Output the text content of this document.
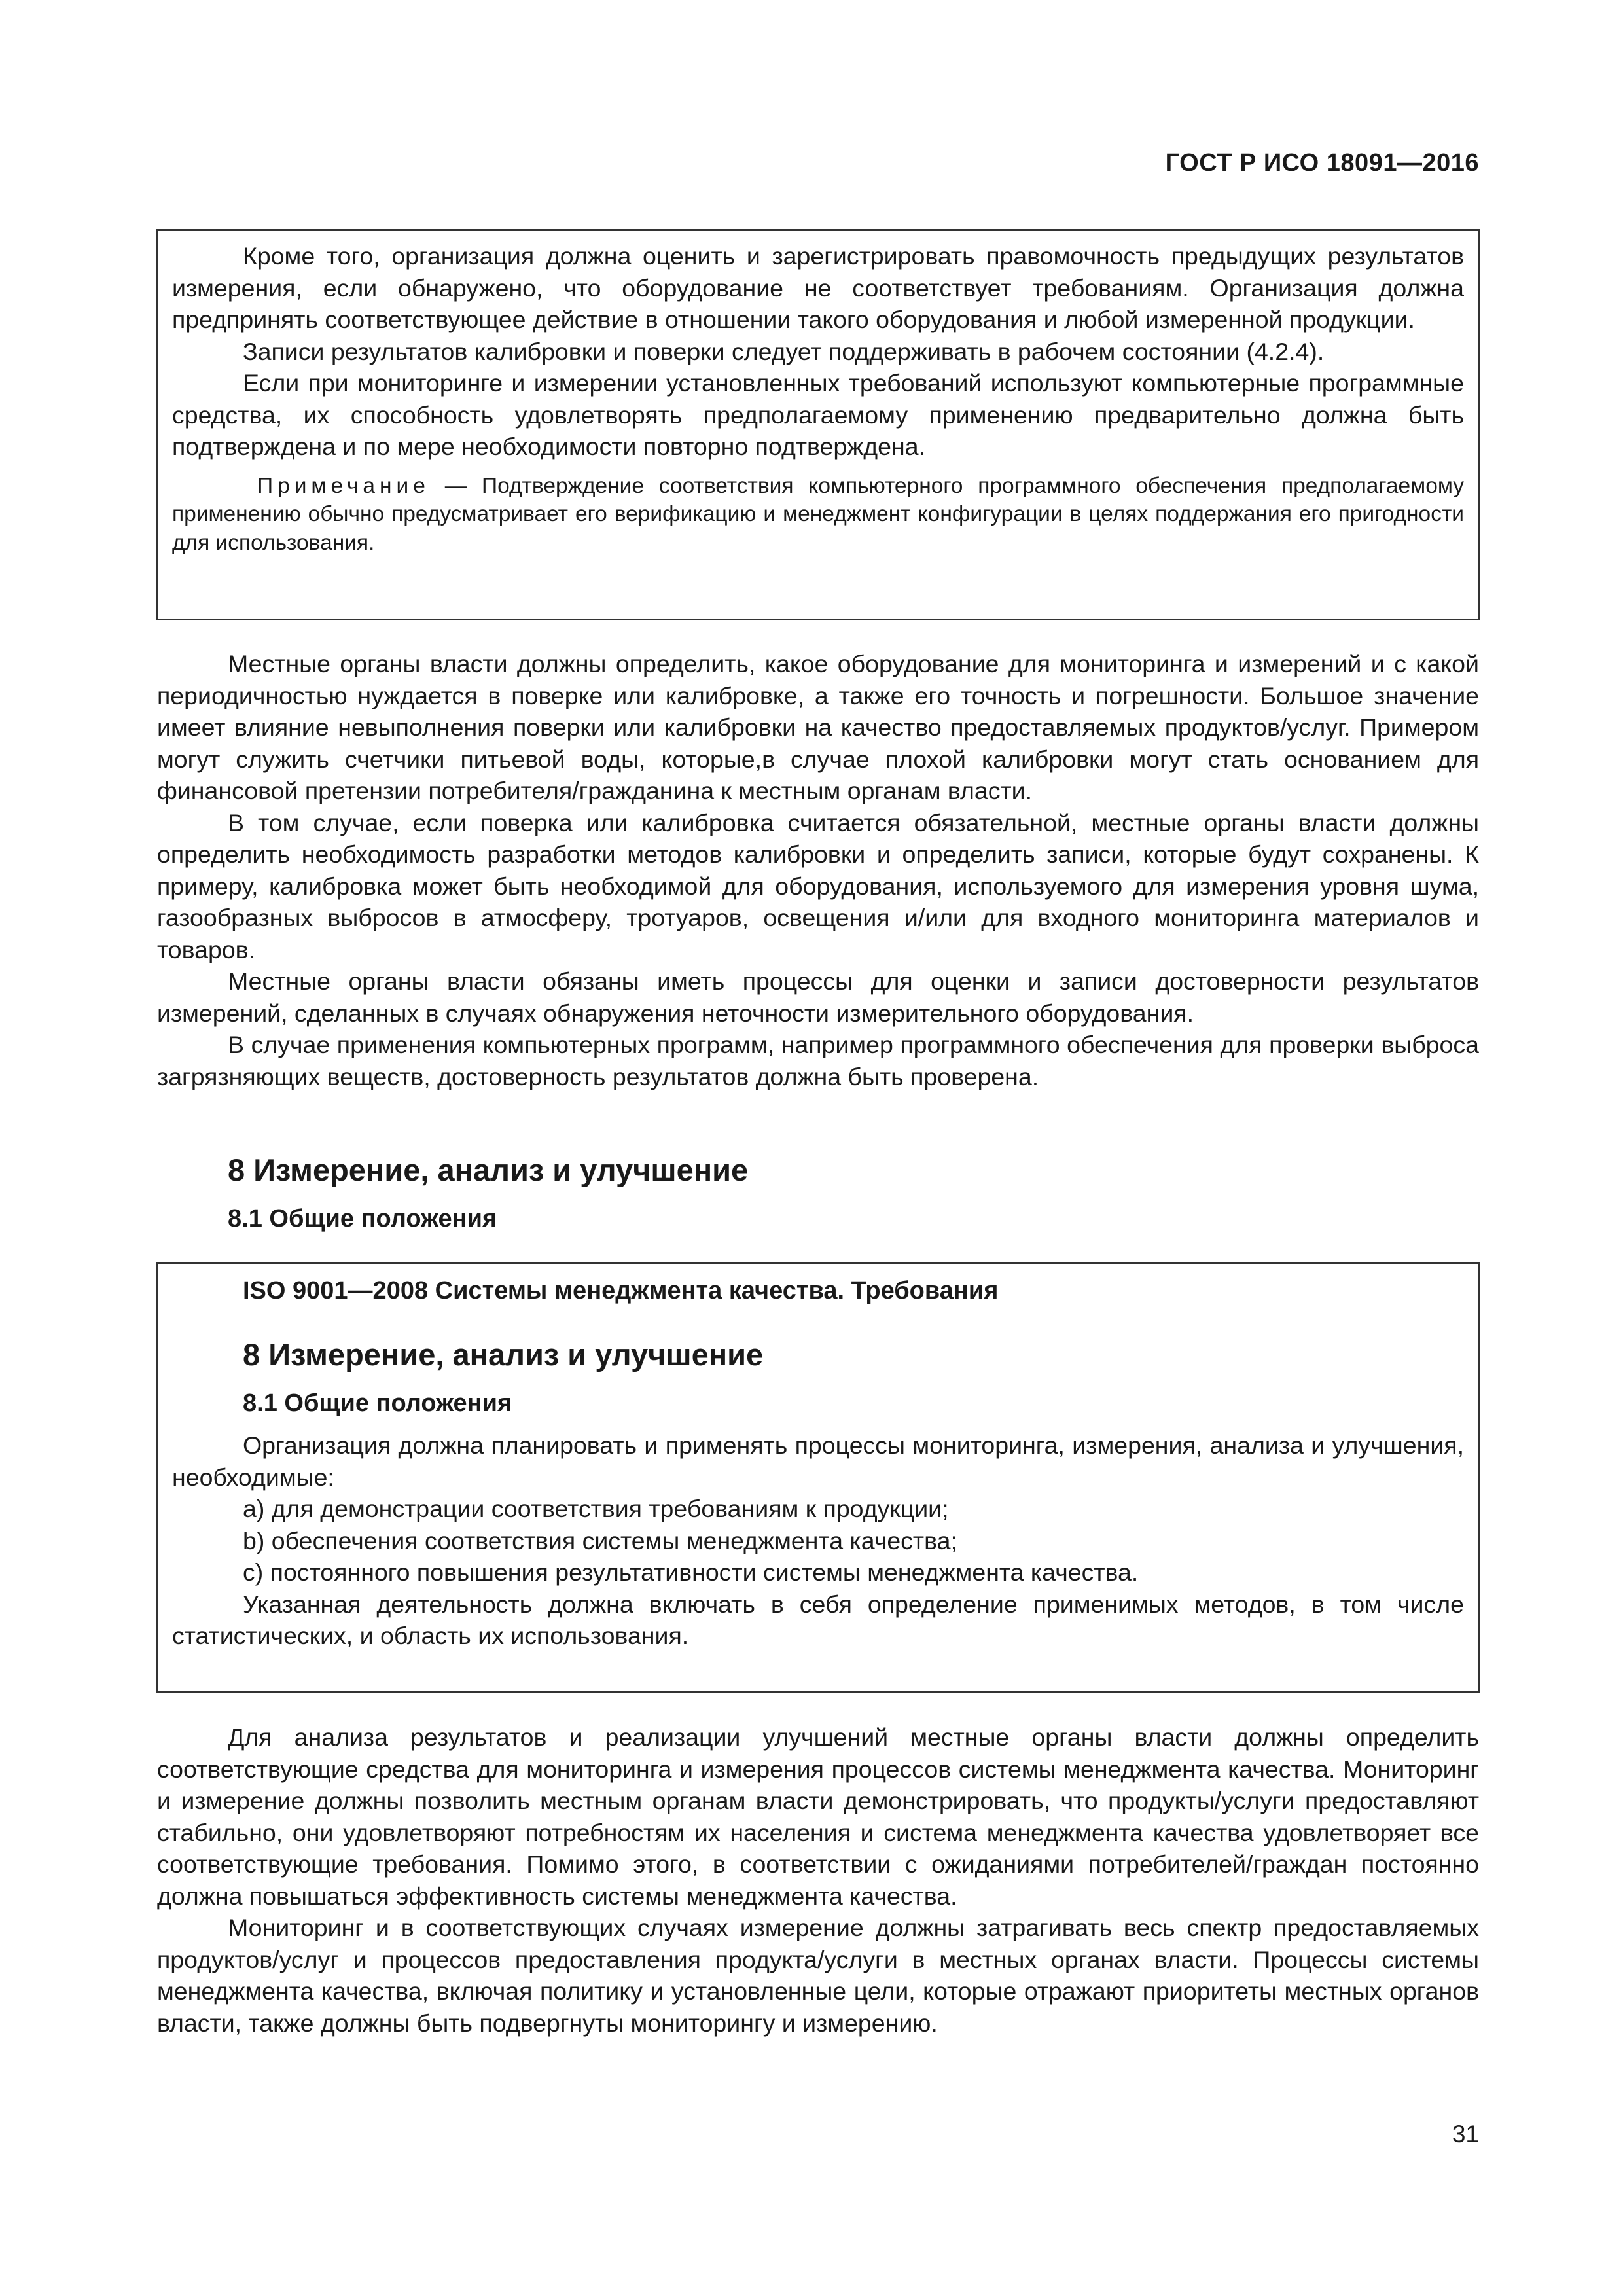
ГОСТ Р ИСО 18091—2016

Кроме того, организация должна оценить и зарегистрировать правомочность предыдущих результатов измерения, если обнаружено, что оборудование не соответствует требованиям. Организация должна предпринять соответствующее действие в отношении такого оборудования и любой измеренной продукции.

Записи результатов калибровки и поверки следует поддерживать в рабочем состоянии (4.2.4).

Если при мониторинге и измерении установленных требований используют компьютерные программные средства, их способность удовлетворять предполагаемому применению предварительно должна быть подтверждена и по мере необходимости повторно подтверждена.

Примечание — Подтверждение соответствия компьютерного программного обеспечения предполагаемому применению обычно предусматривает его верификацию и менеджмент конфигурации в целях поддержания его пригодности для использования.

Местные органы власти должны определить, какое оборудование для мониторинга и измерений и с какой периодичностью нуждается в поверке или калибровке, а также его точность и погрешности. Большое значение имеет влияние невыполнения поверки или калибровки на качество предоставляемых продуктов/услуг. Примером могут служить счетчики питьевой воды, которые,в случае плохой калибровки могут стать основанием для финансовой претензии потребителя/гражданина к местным органам власти.

В том случае, если поверка или калибровка считается обязательной, местные органы власти должны определить необходимость разработки методов калибровки и определить записи, которые будут сохранены. К примеру, калибровка может быть необходимой для оборудования, используемого для измерения уровня шума, газообразных выбросов в атмосферу, тротуаров, освещения и/или для входного мониторинга материалов и товаров.

Местные органы власти обязаны иметь процессы для оценки и записи достоверности результатов измерений, сделанных в случаях обнаружения неточности измерительного оборудования.

В случае применения компьютерных программ, например программного обеспечения для проверки выброса загрязняющих веществ, достоверность результатов должна быть проверена.

8 Измерение, анализ и улучшение
8.1 Общие положения
ISO 9001—2008 Системы менеджмента качества. Требования
8 Измерение, анализ и улучшение
8.1 Общие положения

Организация должна планировать и применять процессы мониторинга, измерения, анализа и улучшения, необходимые:

a) для демонстрации соответствия требованиям к продукции;

b) обеспечения соответствия системы менеджмента качества;

c) постоянного повышения результативности системы менеджмента качества.

Указанная деятельность должна включать в себя определение применимых методов, в том числе статистических, и область их использования.

Для анализа результатов и реализации улучшений местные органы власти должны определить соответствующие средства для мониторинга и измерения процессов системы менеджмента качества. Мониторинг и измерение должны позволить местным органам власти демонстрировать, что продукты/услуги предоставляют стабильно, они удовлетворяют потребностям их населения и система менеджмента качества удовлетворяет все соответствующие требования. Помимо этого, в соответствии с ожиданиями потребителей/граждан постоянно должна повышаться эффективность системы менеджмента качества.

Мониторинг и в соответствующих случаях измерение должны затрагивать весь спектр предоставляемых продуктов/услуг и процессов предоставления продукта/услуги в местных органах власти. Процессы системы менеджмента качества, включая политику и установленные цели, которые отражают приоритеты местных органов власти, также должны быть подвергнуты мониторингу и измерению.

31
